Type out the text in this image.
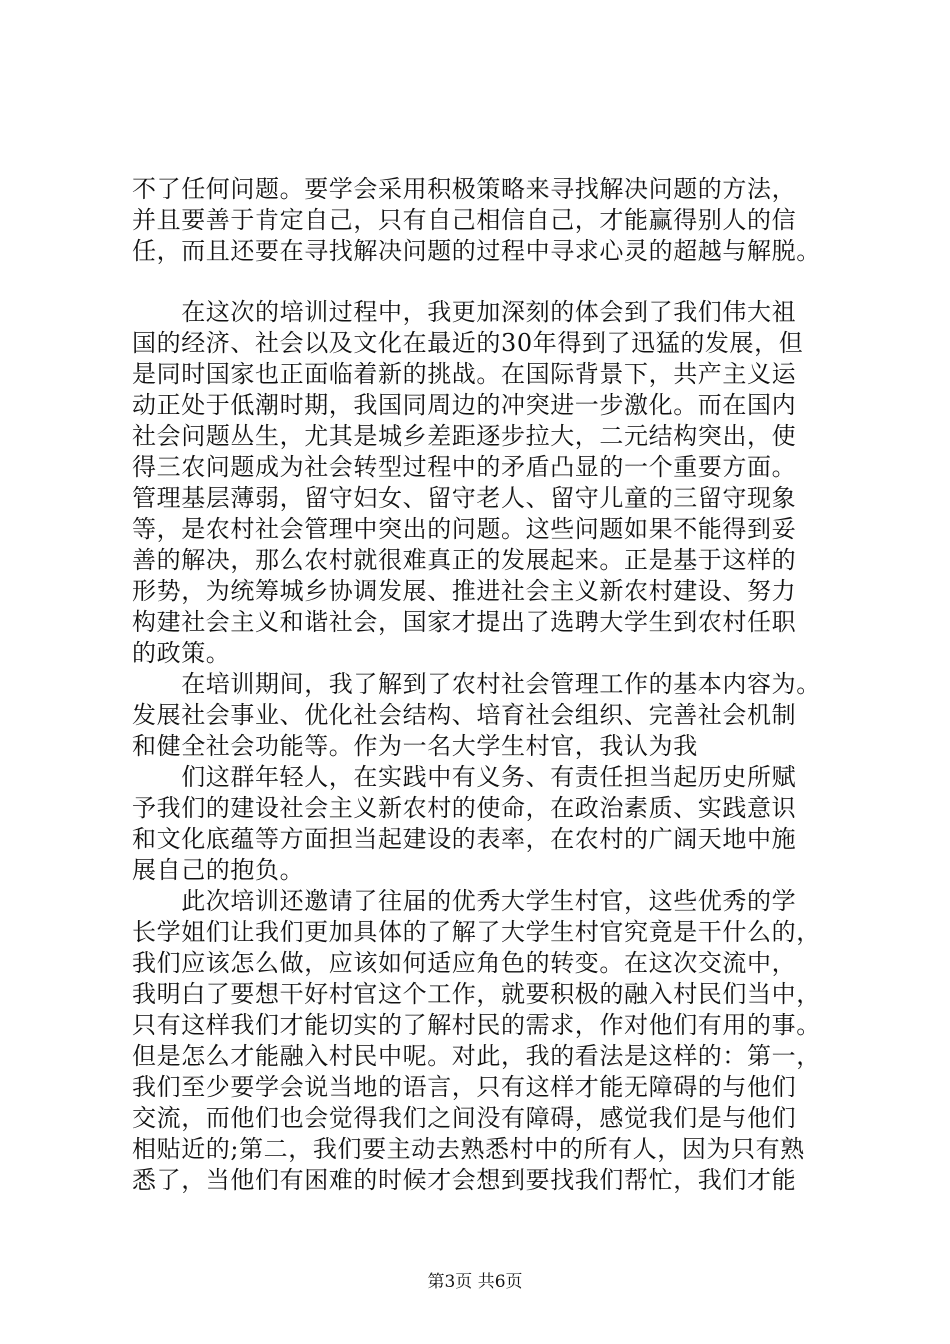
不了任何问题。要学会采用积极策略来寻找解决问题的方法，
并且要善于肯定自己，只有自己相信自己，才能赢得别人的信
任，而且还要在寻找解决问题的过程中寻求心灵的超越与解脱。
　　在这次的培训过程中，我更加深刻的体会到了我们伟大祖
国的经济、社会以及文化在最近的30年得到了迅猛的发展，但
是同时国家也正面临着新的挑战。在国际背景下，共产主义运
动正处于低潮时期，我国同周边的冲突进一步激化。而在国内
社会问题丛生，尤其是城乡差距逐步拉大，二元结构突出，使
得三农问题成为社会转型过程中的矛盾凸显的一个重要方面。
管理基层薄弱，留守妇女、留守老人、留守儿童的三留守现象
等，是农村社会管理中突出的问题。这些问题如果不能得到妥
善的解决，那么农村就很难真正的发展起来。正是基于这样的
形势，为统筹城乡协调发展、推进社会主义新农村建设、努力
构建社会主义和谐社会，国家才提出了选聘大学生到农村任职
的政策。
　　在培训期间，我了解到了农村社会管理工作的基本内容为。
发展社会事业、优化社会结构、培育社会组织、完善社会机制
和健全社会功能等。作为一名大学生村官，我认为我
　　们这群年轻人，在实践中有义务、有责任担当起历史所赋
予我们的建设社会主义新农村的使命，在政治素质、实践意识
和文化底蕴等方面担当起建设的表率，在农村的广阔天地中施
展自己的抱负。
　　此次培训还邀请了往届的优秀大学生村官，这些优秀的学
长学姐们让我们更加具体的了解了大学生村官究竟是干什么的，
我们应该怎么做，应该如何适应角色的转变。在这次交流中，
我明白了要想干好村官这个工作，就要积极的融入村民们当中，
只有这样我们才能切实的了解村民的需求，作对他们有用的事。
但是怎么才能融入村民中呢。对此，我的看法是这样的：第一，
我们至少要学会说当地的语言，只有这样才能无障碍的与他们
交流，而他们也会觉得我们之间没有障碍，感觉我们是与他们
相贴近的;第二，我们要主动去熟悉村中的所有人，因为只有熟
悉了，当他们有困难的时候才会想到要找我们帮忙，我们才能
第3页 共6页
